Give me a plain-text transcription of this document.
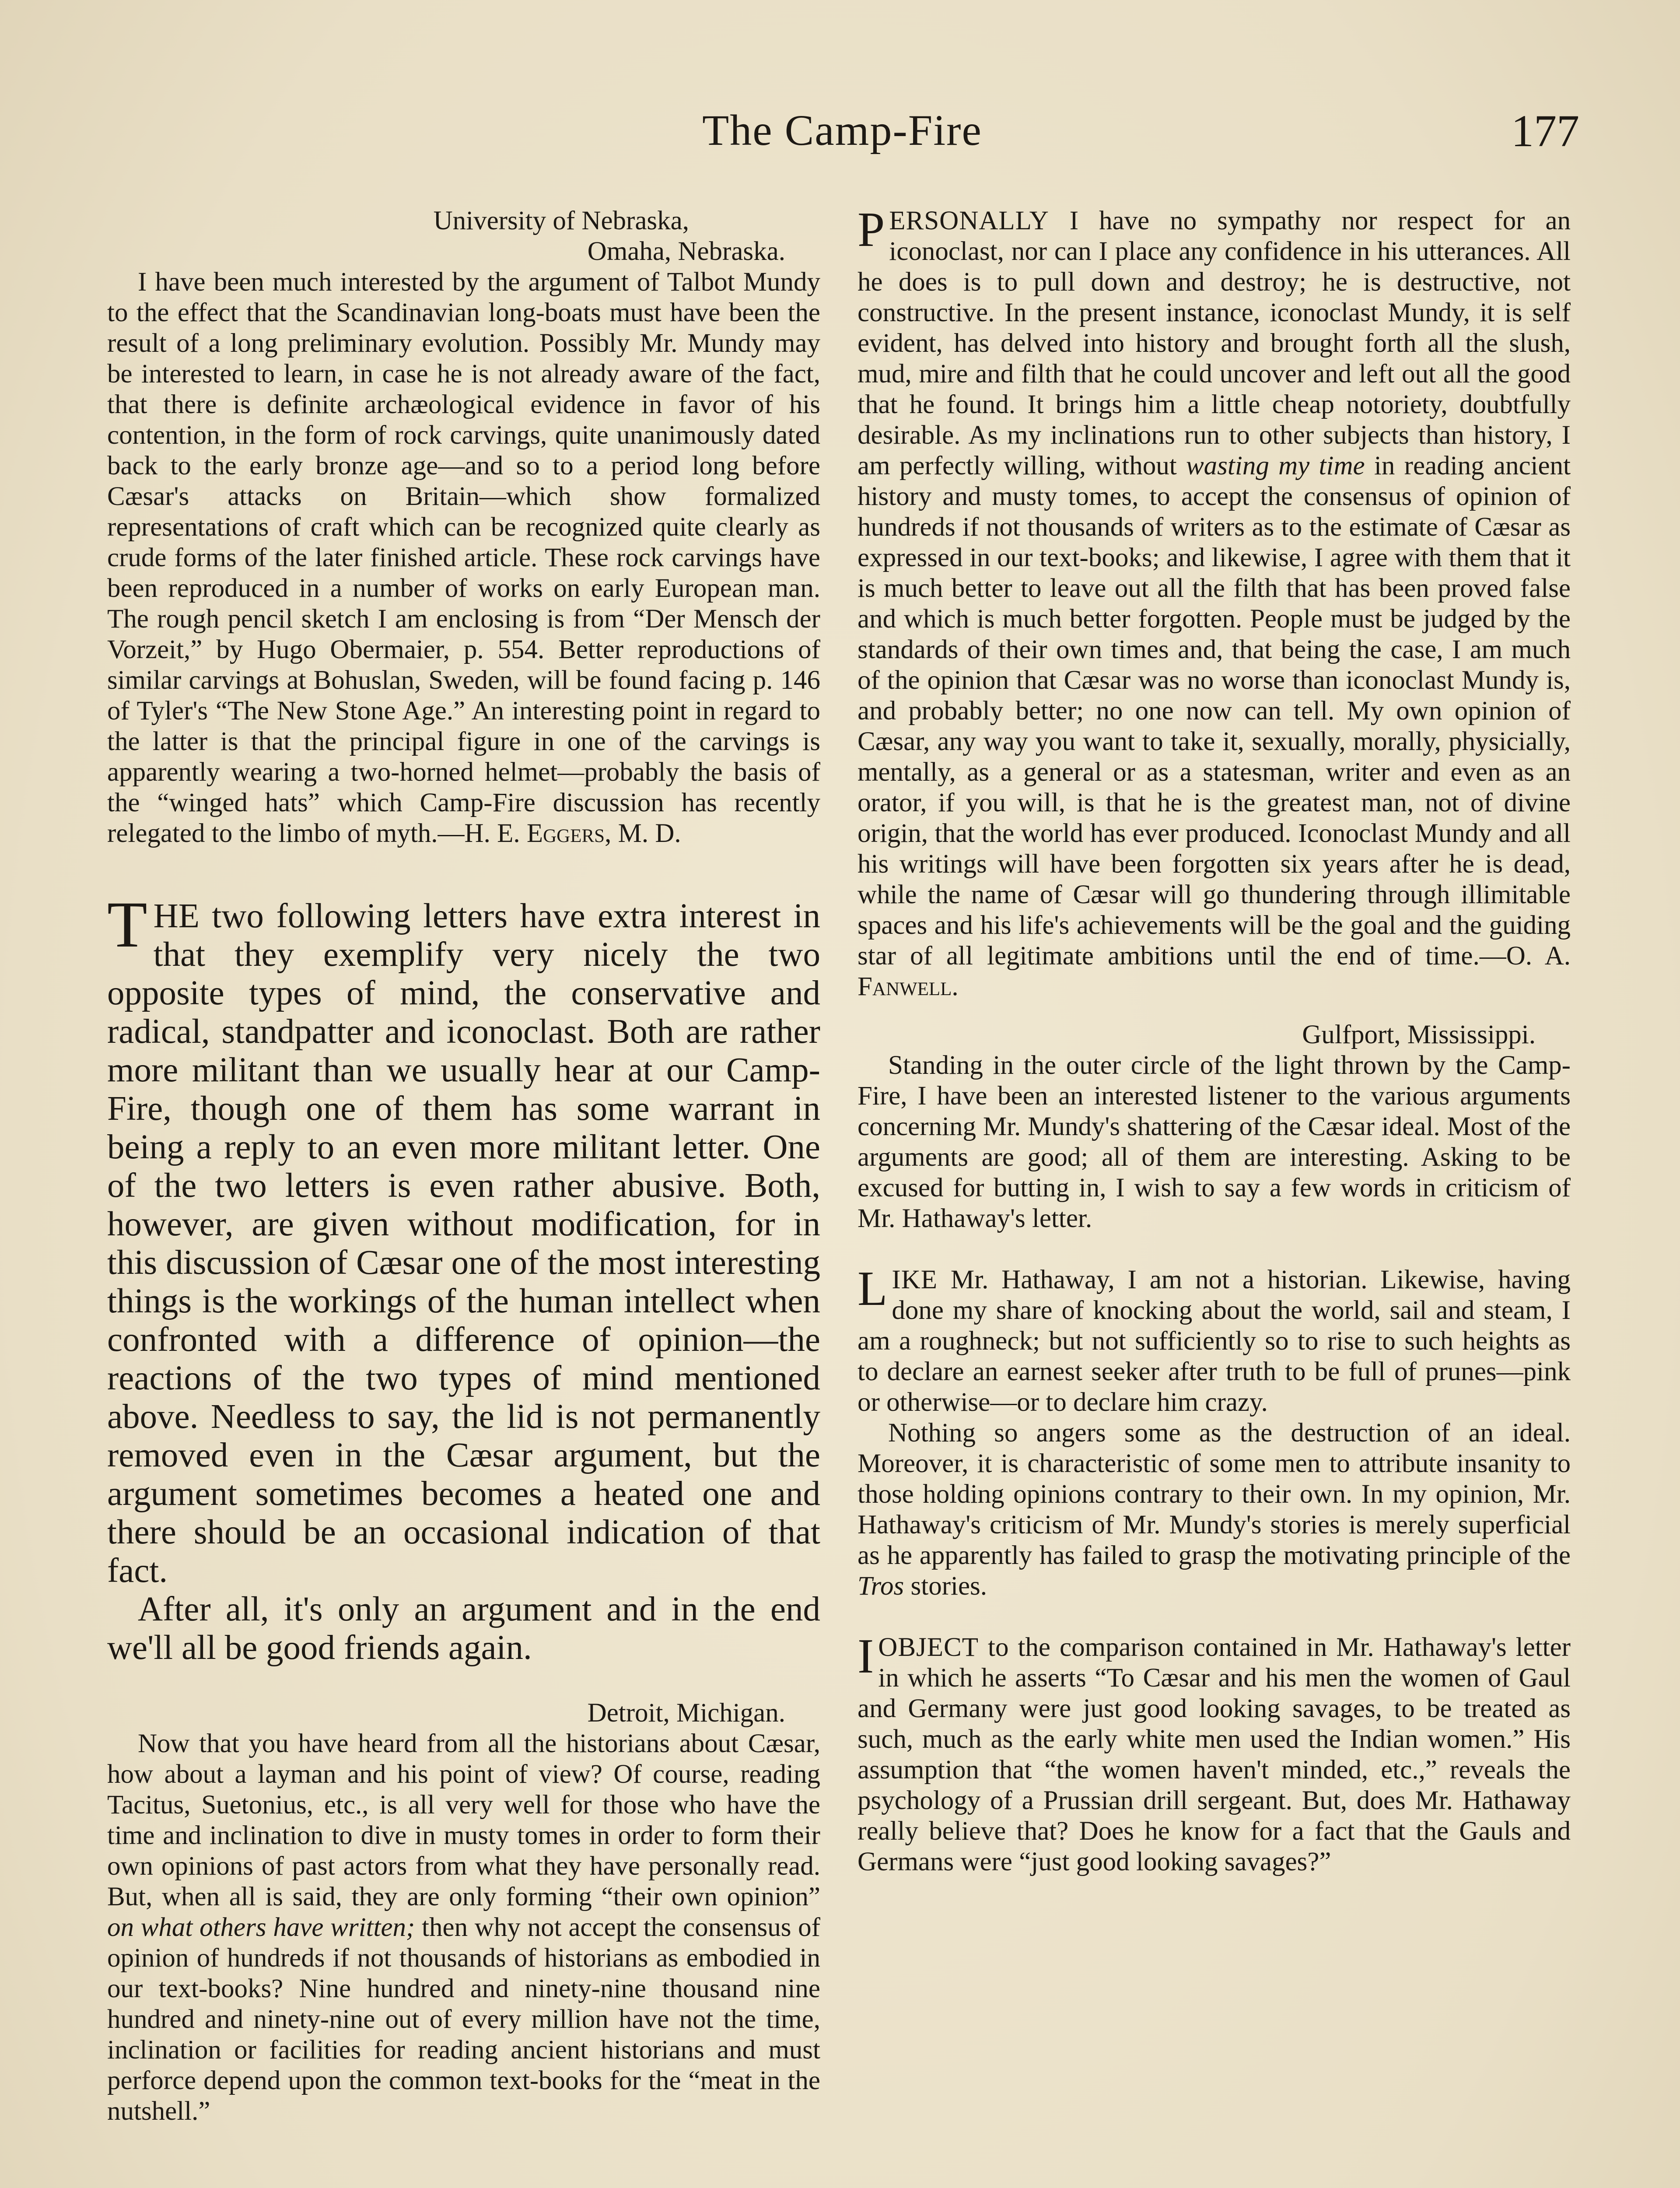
The Camp-Fire	177

University of Nebraska,

Omaha, Nebraska.

I have been much interested by the argument of Talbot Mundy to the effect that the Scandinavian long-boats must have been the result of a long preliminary evolution. Possibly Mr. Mundy may be interested to learn, in case he is not already aware of the fact, that there is definite archæological evidence in favor of his contention, in the form of rock carvings, quite unanimously dated back to the early bronze age—and so to a period long before Cæsar's attacks on Britain—which show formalized representations of craft which can be recognized quite clearly as crude forms of the later finished article. These rock carvings have been reproduced in a number of works on early European man. The rough pencil sketch I am enclosing is from “Der Mensch der Vorzeit,” by Hugo Obermaier, p. 554. Better reproductions of similar carvings at Bohuslan, Sweden, will be found facing p. 146 of Tyler's “The New Stone Age.” An interesting point in regard to the latter is that the principal figure in one of the carvings is apparently wearing a two-horned helmet—probably the basis of the “winged hats” which Camp-Fire discussion has recently relegated to the limbo of myth.—H. E. Eggers, M. D.

THE two following letters have extra interest in that they exemplify very nicely the two opposite types of mind, the conservative and radical, standpatter and iconoclast. Both are rather more militant than we usually hear at our Camp-Fire, though one of them has some warrant in being a reply to an even more militant letter. One of the two letters is even rather abusive. Both, however, are given without modification, for in this discussion of Cæsar one of the most interesting things is the workings of the human intellect when confronted with a difference of opinion—the reactions of the two types of mind mentioned above. Needless to say, the lid is not permanently removed even in the Cæsar argument, but the argument sometimes becomes a heated one and there should be an occasional indication of that fact.

After all, it's only an argument and in the end we'll all be good friends again.

Detroit, Michigan.

Now that you have heard from all the historians about Cæsar, how about a layman and his point of view? Of course, reading Tacitus, Suetonius, etc., is all very well for those who have the time and inclination to dive in musty tomes in order to form their own opinions of past actors from what they have personally read. But, when all is said, they are only forming “their own opinion” on what others have written; then why not accept the consensus of opinion of hundreds if not thousands of historians as embodied in our text-books? Nine hundred and ninety-nine thousand nine hundred and ninety-nine out of every million have not the time, inclination or facilities for reading ancient historians and must perforce depend upon the common text-books for the “meat in the nutshell.”

PERSONALLY I have no sympathy nor respect for an iconoclast, nor can I place any confidence in his utterances. All he does is to pull down and destroy; he is destructive, not constructive. In the present instance, iconoclast Mundy, it is self evident, has delved into history and brought forth all the slush, mud, mire and filth that he could uncover and left out all the good that he found. It brings him a little cheap notoriety, doubtfully desirable. As my inclinations run to other subjects than history, I am perfectly willing, without wasting my time in reading ancient history and musty tomes, to accept the consensus of opinion of hundreds if not thousands of writers as to the estimate of Cæsar as expressed in our text-books; and likewise, I agree with them that it is much better to leave out all the filth that has been proved false and which is much better forgotten. People must be judged by the standards of their own times and, that being the case, I am much of the opinion that Cæsar was no worse than iconoclast Mundy is, and probably better; no one now can tell. My own opinion of Cæsar, any way you want to take it, sexually, morally, physicially, mentally, as a general or as a statesman, writer and even as an orator, if you will, is that he is the greatest man, not of divine origin, that the world has ever produced. Iconoclast Mundy and all his writings will have been forgotten six years after he is dead, while the name of Cæsar will go thundering through illimitable spaces and his life's achievements will be the goal and the guiding star of all legitimate ambitions until the end of time.—O. A. Fanwell.

Gulfport, Mississippi.

Standing in the outer circle of the light thrown by the Camp-Fire, I have been an interested listener to the various arguments concerning Mr. Mundy's shattering of the Cæsar ideal. Most of the arguments are good; all of them are interesting. Asking to be excused for butting in, I wish to say a few words in criticism of Mr. Hathaway's letter.

LIKE Mr. Hathaway, I am not a historian. Likewise, having done my share of knocking about the world, sail and steam, I am a roughneck; but not sufficiently so to rise to such heights as to declare an earnest seeker after truth to be full of prunes—pink or otherwise—or to declare him crazy.

Nothing so angers some as the destruction of an ideal. Moreover, it is characteristic of some men to attribute insanity to those holding opinions contrary to their own. In my opinion, Mr. Hathaway's criticism of Mr. Mundy's stories is merely superficial as he apparently has failed to grasp the motivating principle of the Tros stories.

IOBJECT to the comparison contained in Mr. Hathaway's letter in which he asserts “To Cæsar and his men the women of Gaul and Germany were just good looking savages, to be treated as such, much as the early white men used the Indian women.” His assumption that “the women haven't minded, etc.,” reveals the psychology of a Prussian drill sergeant. But, does Mr. Hathaway really believe that? Does he know for a fact that the Gauls and Germans were “just good looking savages?”
